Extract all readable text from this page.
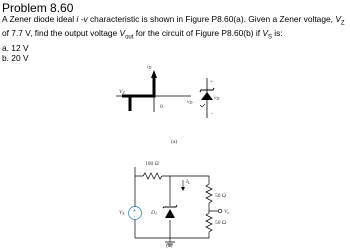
Problem 8.60
A Zener diode ideal i -v characteristic is shown in Figure P8.60(a). Given a Zener voltage, $V_Z$ of 7.7 V, find the output voltage $V_{out}$ for the circuit of Figure P8.60(b) if $V_S$ is:
a. 12 V
b. 20 V
iD
VZ
0
vD
+
vD
-
(a)
+
-
100 Ω
50 Ω
50 Ω
IL
D1
VS	Vo
(b)
